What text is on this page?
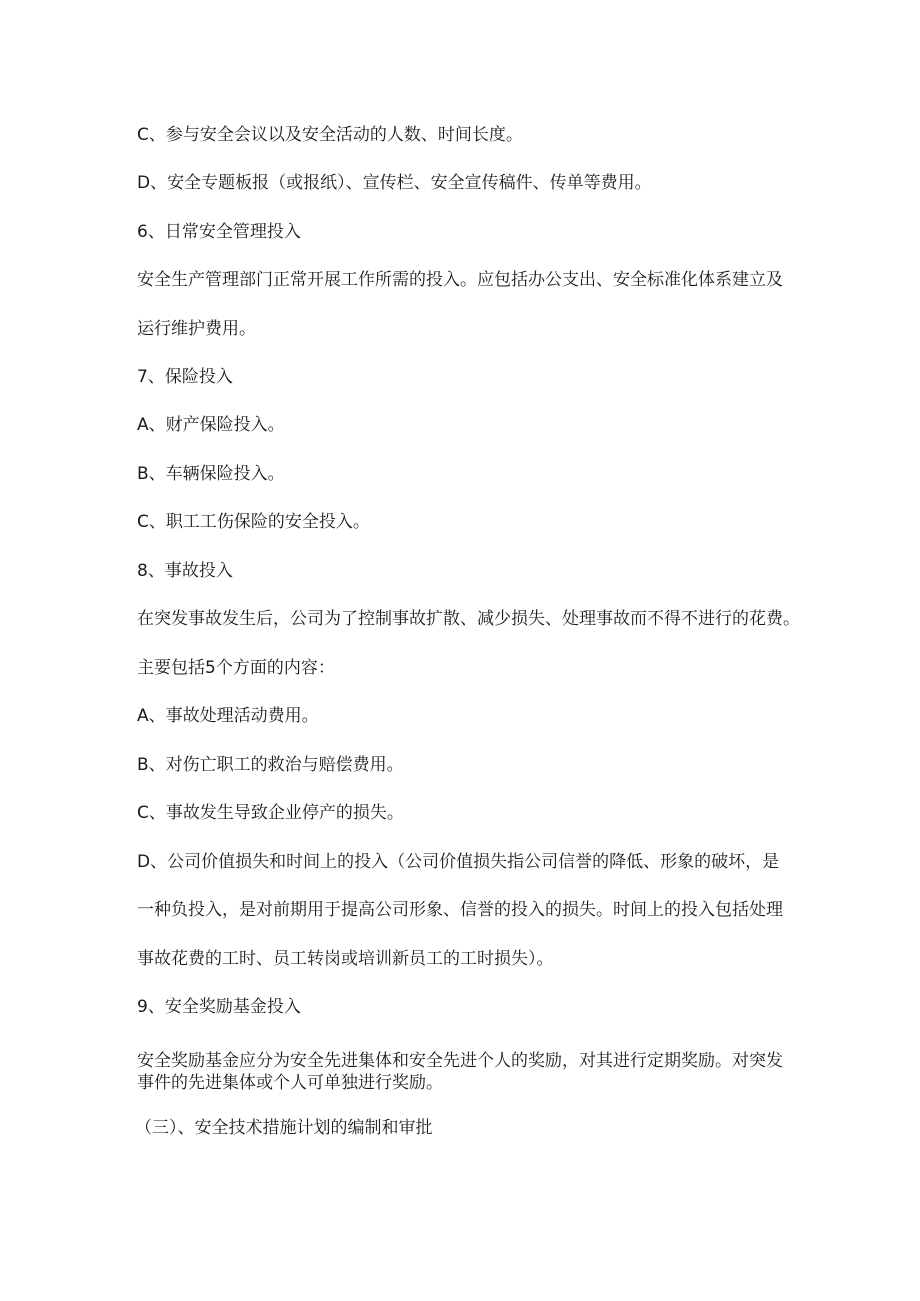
C、参与安全会议以及安全活动的人数、时间长度。

D、安全专题板报（或报纸）、宣传栏、安全宣传稿件、传单等费用。

6、日常安全管理投入

安全生产管理部门正常开展工作所需的投入。应包括办公支出、安全标准化体系建立及

运行维护费用。

7、保险投入

A、财产保险投入。

B、车辆保险投入。

C、职工工伤保险的安全投入。

8、事故投入

在突发事故发生后，公司为了控制事故扩散、减少损失、处理事故而不得不进行的花费。

主要包括5个方面的内容：

A、事故处理活动费用。

B、对伤亡职工的救治与赔偿费用。

C、事故发生导致企业停产的损失。

D、公司价值损失和时间上的投入（公司价值损失指公司信誉的降低、形象的破坏，是

一种负投入，是对前期用于提高公司形象、信誉的投入的损失。时间上的投入包括处理

事故花费的工时、员工转岗或培训新员工的工时损失）。

9、安全奖励基金投入

安全奖励基金应分为安全先进集体和安全先进个人的奖励，对其进行定期奖励。对突发事件的先进集体或个人可单独进行奖励。

（三）、安全技术措施计划的编制和审批
